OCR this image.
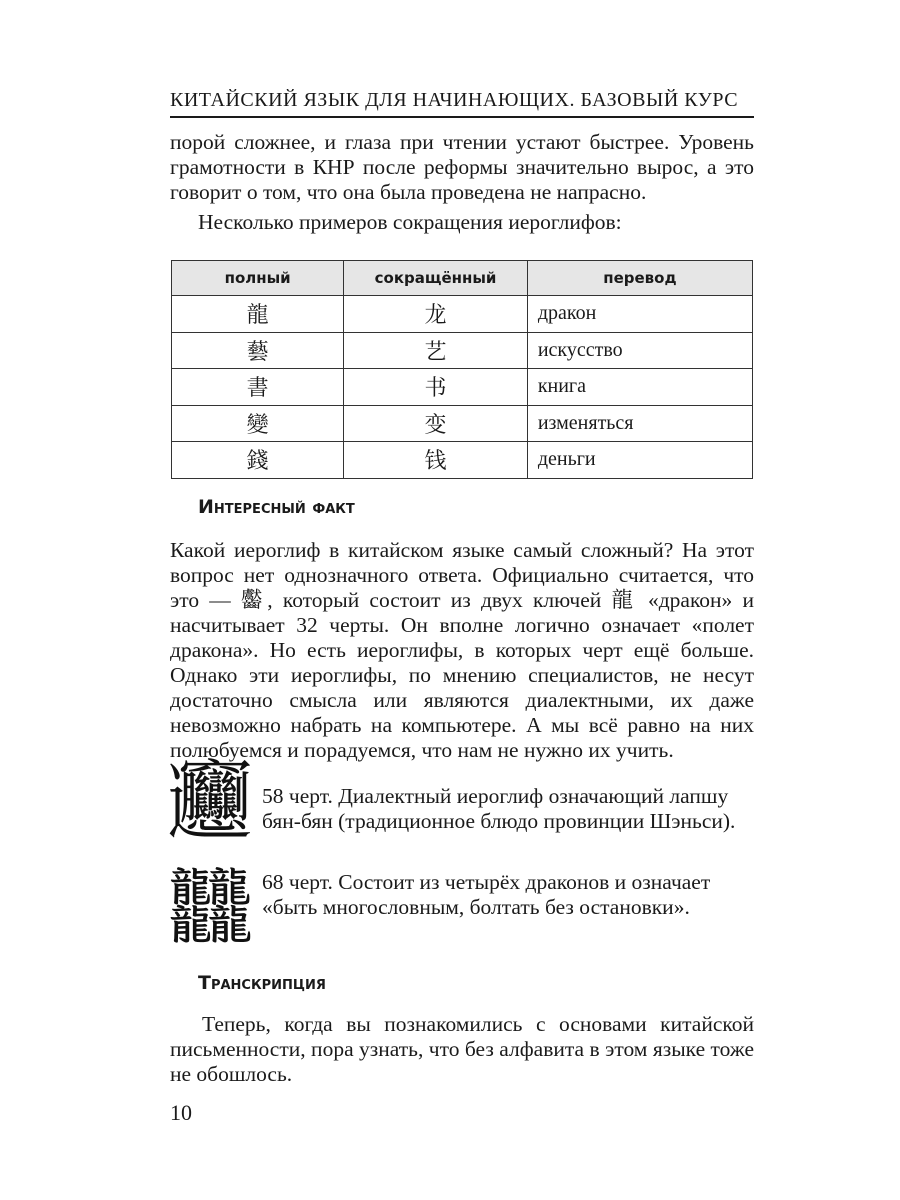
КИТАЙСКИЙ ЯЗЫК ДЛЯ НАЧИНАЮЩИХ. БАЗОВЫЙ КУРС
порой сложнее, и глаза при чтении устают быстрее. Уровень грамотности в КНР после реформы значительно вырос, а это говорит о том, что она была проведена не напрасно.
Несколько примеров сокращения иероглифов:
полный	сокращённый	перевод
龍	龙	дракон
藝	艺	искусство
書	书	книга
變	变	изменяться
錢	钱	деньги
Интересный факт
Какой иероглиф в китайском языке самый сложный? На этот вопрос нет однозначного ответа. Официально считается, что это — 齾, который состоит из двух ключей 龍 «дракон» и насчитывает 32 черты. Он вполне логично означает «полет дракона». Но есть иероглифы, в которых черт ещё больше. Однако эти иероглифы, по мнению специалистов, не несут достаточно смысла или являются диалектными, их даже невозможно набрать на компьютере. А мы всё равно на них полюбуемся и порадуемся, что нам не нужно их учить.
𰻞 58 черт. Диалектный иероглиф означающий лапшу бян-бян (традиционное блюдо провинции Шэньси).
𪚥 68 черт. Состоит из четырёх драконов и означает «быть многословным, болтать без остановки».
Транскрипция
Теперь, когда вы познакомились с основами китайской письменности, пора узнать, что без алфавита в этом языке тоже не обошлось.
10
